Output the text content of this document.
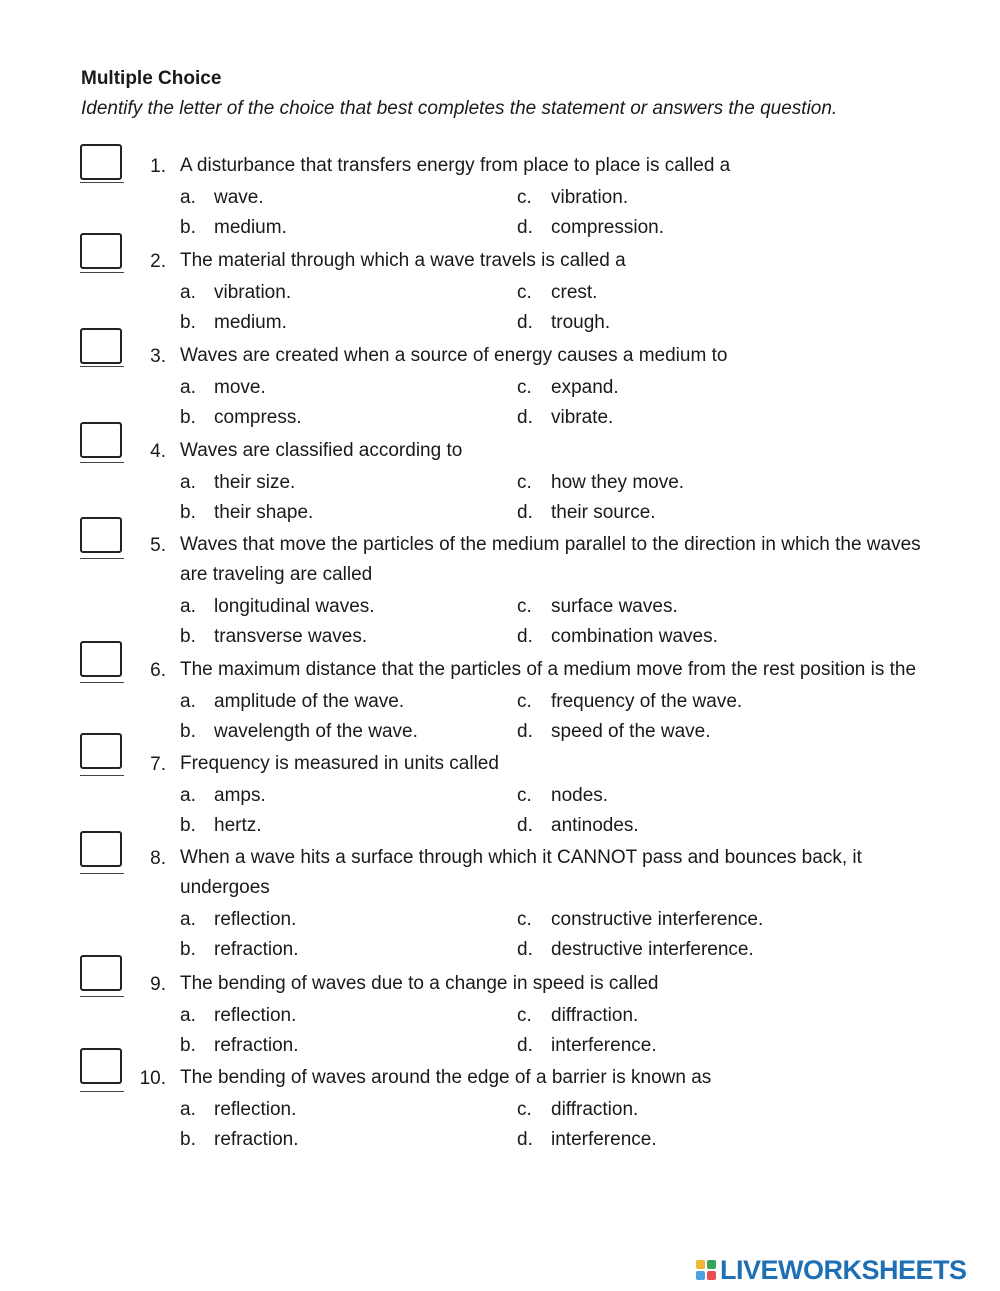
Multiple Choice
Identify the letter of the choice that best completes the statement or answers the question.
1. A disturbance that transfers energy from place to place is called a
a. wave.
b. medium.
c. vibration.
d. compression.
2. The material through which a wave travels is called a
a. vibration.
b. medium.
c. crest.
d. trough.
3. Waves are created when a source of energy causes a medium to
a. move.
b. compress.
c. expand.
d. vibrate.
4. Waves are classified according to
a. their size.
b. their shape.
c. how they move.
d. their source.
5. Waves that move the particles of the medium parallel to the direction in which the waves are traveling are called
a. longitudinal waves.
b. transverse waves.
c. surface waves.
d. combination waves.
6. The maximum distance that the particles of a medium move from the rest position is the
a. amplitude of the wave.
b. wavelength of the wave.
c. frequency of the wave.
d. speed of the wave.
7. Frequency is measured in units called
a. amps.
b. hertz.
c. nodes.
d. antinodes.
8. When a wave hits a surface through which it CANNOT pass and bounces back, it undergoes
a. reflection.
b. refraction.
c. constructive interference.
d. destructive interference.
9. The bending of waves due to a change in speed is called
a. reflection.
b. refraction.
c. diffraction.
d. interference.
10. The bending of waves around the edge of a barrier is known as
a. reflection.
b. refraction.
c. diffraction.
d. interference.
LIVEWORKSHEETS
